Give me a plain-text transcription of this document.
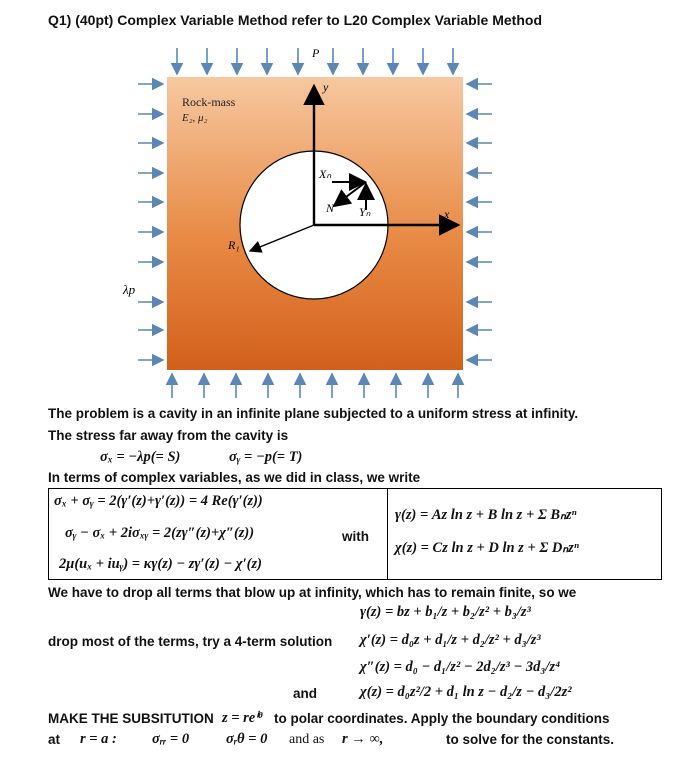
Q1) (40pt) Complex Variable Method refer to L20 Complex Variable Method
P
y
x
Rock-mass
E₂, μ₂
Xₙ
N Yₙ
R₁
λp
The problem is a cavity in an infinite plane subjected to a uniform stress at infinity.
The stress far away from the cavity is
σₓ = −λp(= S)	σᵧ = −p(= T)
In terms of complex variables, as we did in class, we write
σₓ + σᵧ = 2(γ′(z)+γ′(z)) = 4 Re(γ′(z))
σᵧ − σₓ + 2iσₓᵧ = 2(zγ″(z)+χ″(z))
2μ(uₓ + iuᵧ) = κγ(z) − zγ′(z) − χ′(z)
with
γ(z) = Az ln z + B ln z + Σ Bₙzⁿ
χ(z) = Cz ln z + D ln z + Σ Dₙzⁿ
We have to drop all terms that blow up at infinity, which has to remain finite, so we
γ(z) = bz + b₁/z + b₂/z² + b₃/z³
drop most of the terms, try a 4-term solution χ′(z) = d₀z + d₁/z + d₂/z² + d₃/z³
χ″(z) = d₀ − d₁/z² − 2d₂/z³ − 3d₃/z⁴
and	χ(z) = d₀z²/2 + d₁ ln z − d₂/z − d₃/2z²
MAKE THE SUBSITUTION z = reⁱᶿ to polar coordinates. Apply the boundary conditions
at r = a : σᵣᵣ = 0	σᵣθ = 0 and as r → ∞,	to solve for the constants.
